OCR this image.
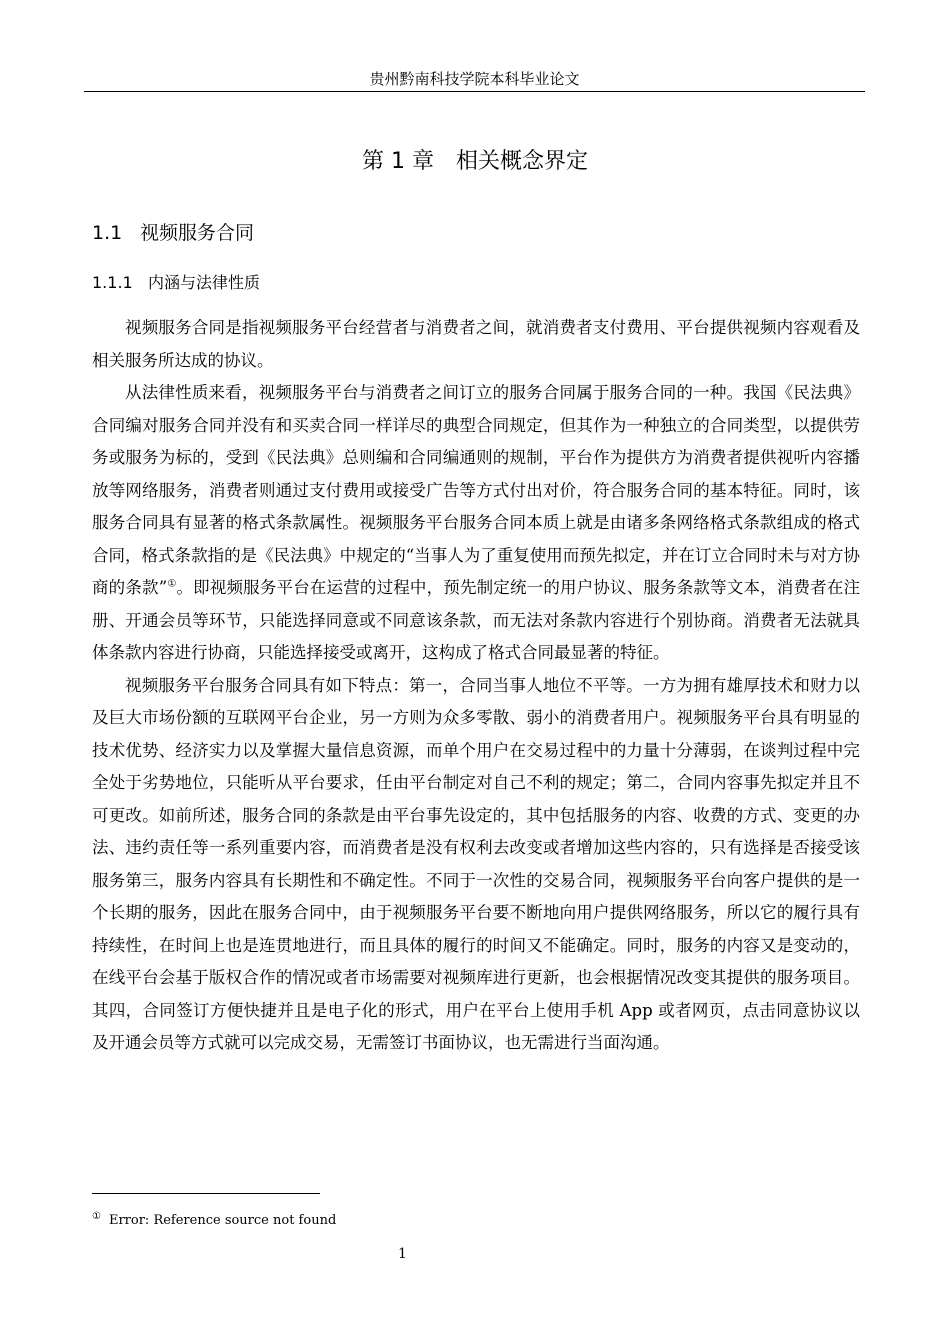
贵州黔南科技学院本科毕业论文
第 1 章　相关概念界定
1.1 视频服务合同
1.1.1 内涵与法律性质

视频服务合同是指视频服务平台经营者与消费者之间，就消费者支付费用、平台提供视频内容观看及相关服务所达成的协议。

从法律性质来看，视频服务平台与消费者之间订立的服务合同属于服务合同的一种。我国《民法典》合同编对服务合同并没有和买卖合同一样详尽的典型合同规定，但其作为一种独立的合同类型，以提供劳务或服务为标的，受到《民法典》总则编和合同编通则的规制，平台作为提供方为消费者提供视听内容播放等网络服务，消费者则通过支付费用或接受广告等方式付出对价，符合服务合同的基本特征。同时，该服务合同具有显著的格式条款属性。视频服务平台服务合同本质上就是由诸多条网络格式条款组成的格式合同，格式条款指的是《民法典》中规定的“当事人为了重复使用而预先拟定，并在订立合同时未与对方协商的条款”①。即视频服务平台在运营的过程中，预先制定统一的用户协议、服务条款等文本，消费者在注册、开通会员等环节，只能选择同意或不同意该条款，而无法对条款内容进行个别协商。消费者无法就具体条款内容进行协商，只能选择接受或离开，这构成了格式合同最显著的特征。

视频服务平台服务合同具有如下特点：第一，合同当事人地位不平等。一方为拥有雄厚技术和财力以及巨大市场份额的互联网平台企业，另一方则为众多零散、弱小的消费者用户。视频服务平台具有明显的技术优势、经济实力以及掌握大量信息资源，而单个用户在交易过程中的力量十分薄弱，在谈判过程中完全处于劣势地位，只能听从平台要求，任由平台制定对自己不利的规定；第二，合同内容事先拟定并且不可更改。如前所述，服务合同的条款是由平台事先设定的，其中包括服务的内容、收费的方式、变更的办法、违约责任等一系列重要内容，而消费者是没有权利去改变或者增加这些内容的，只有选择是否接受该服务第三，服务内容具有长期性和不确定性。不同于一次性的交易合同，视频服务平台向客户提供的是一个长期的服务，因此在服务合同中，由于视频服务平台要不断地向用户提供网络服务，所以它的履行具有持续性，在时间上也是连贯地进行，而且具体的履行的时间又不能确定。同时，服务的内容又是变动的，在线平台会基于版权合作的情况或者市场需要对视频库进行更新，也会根据情况改变其提供的服务项目。其四，合同签订方便快捷并且是电子化的形式，用户在平台上使用手机 App 或者网页，点击同意协议以及开通会员等方式就可以完成交易，无需签订书面协议，也无需进行当面沟通。

① Error: Reference source not found
1
